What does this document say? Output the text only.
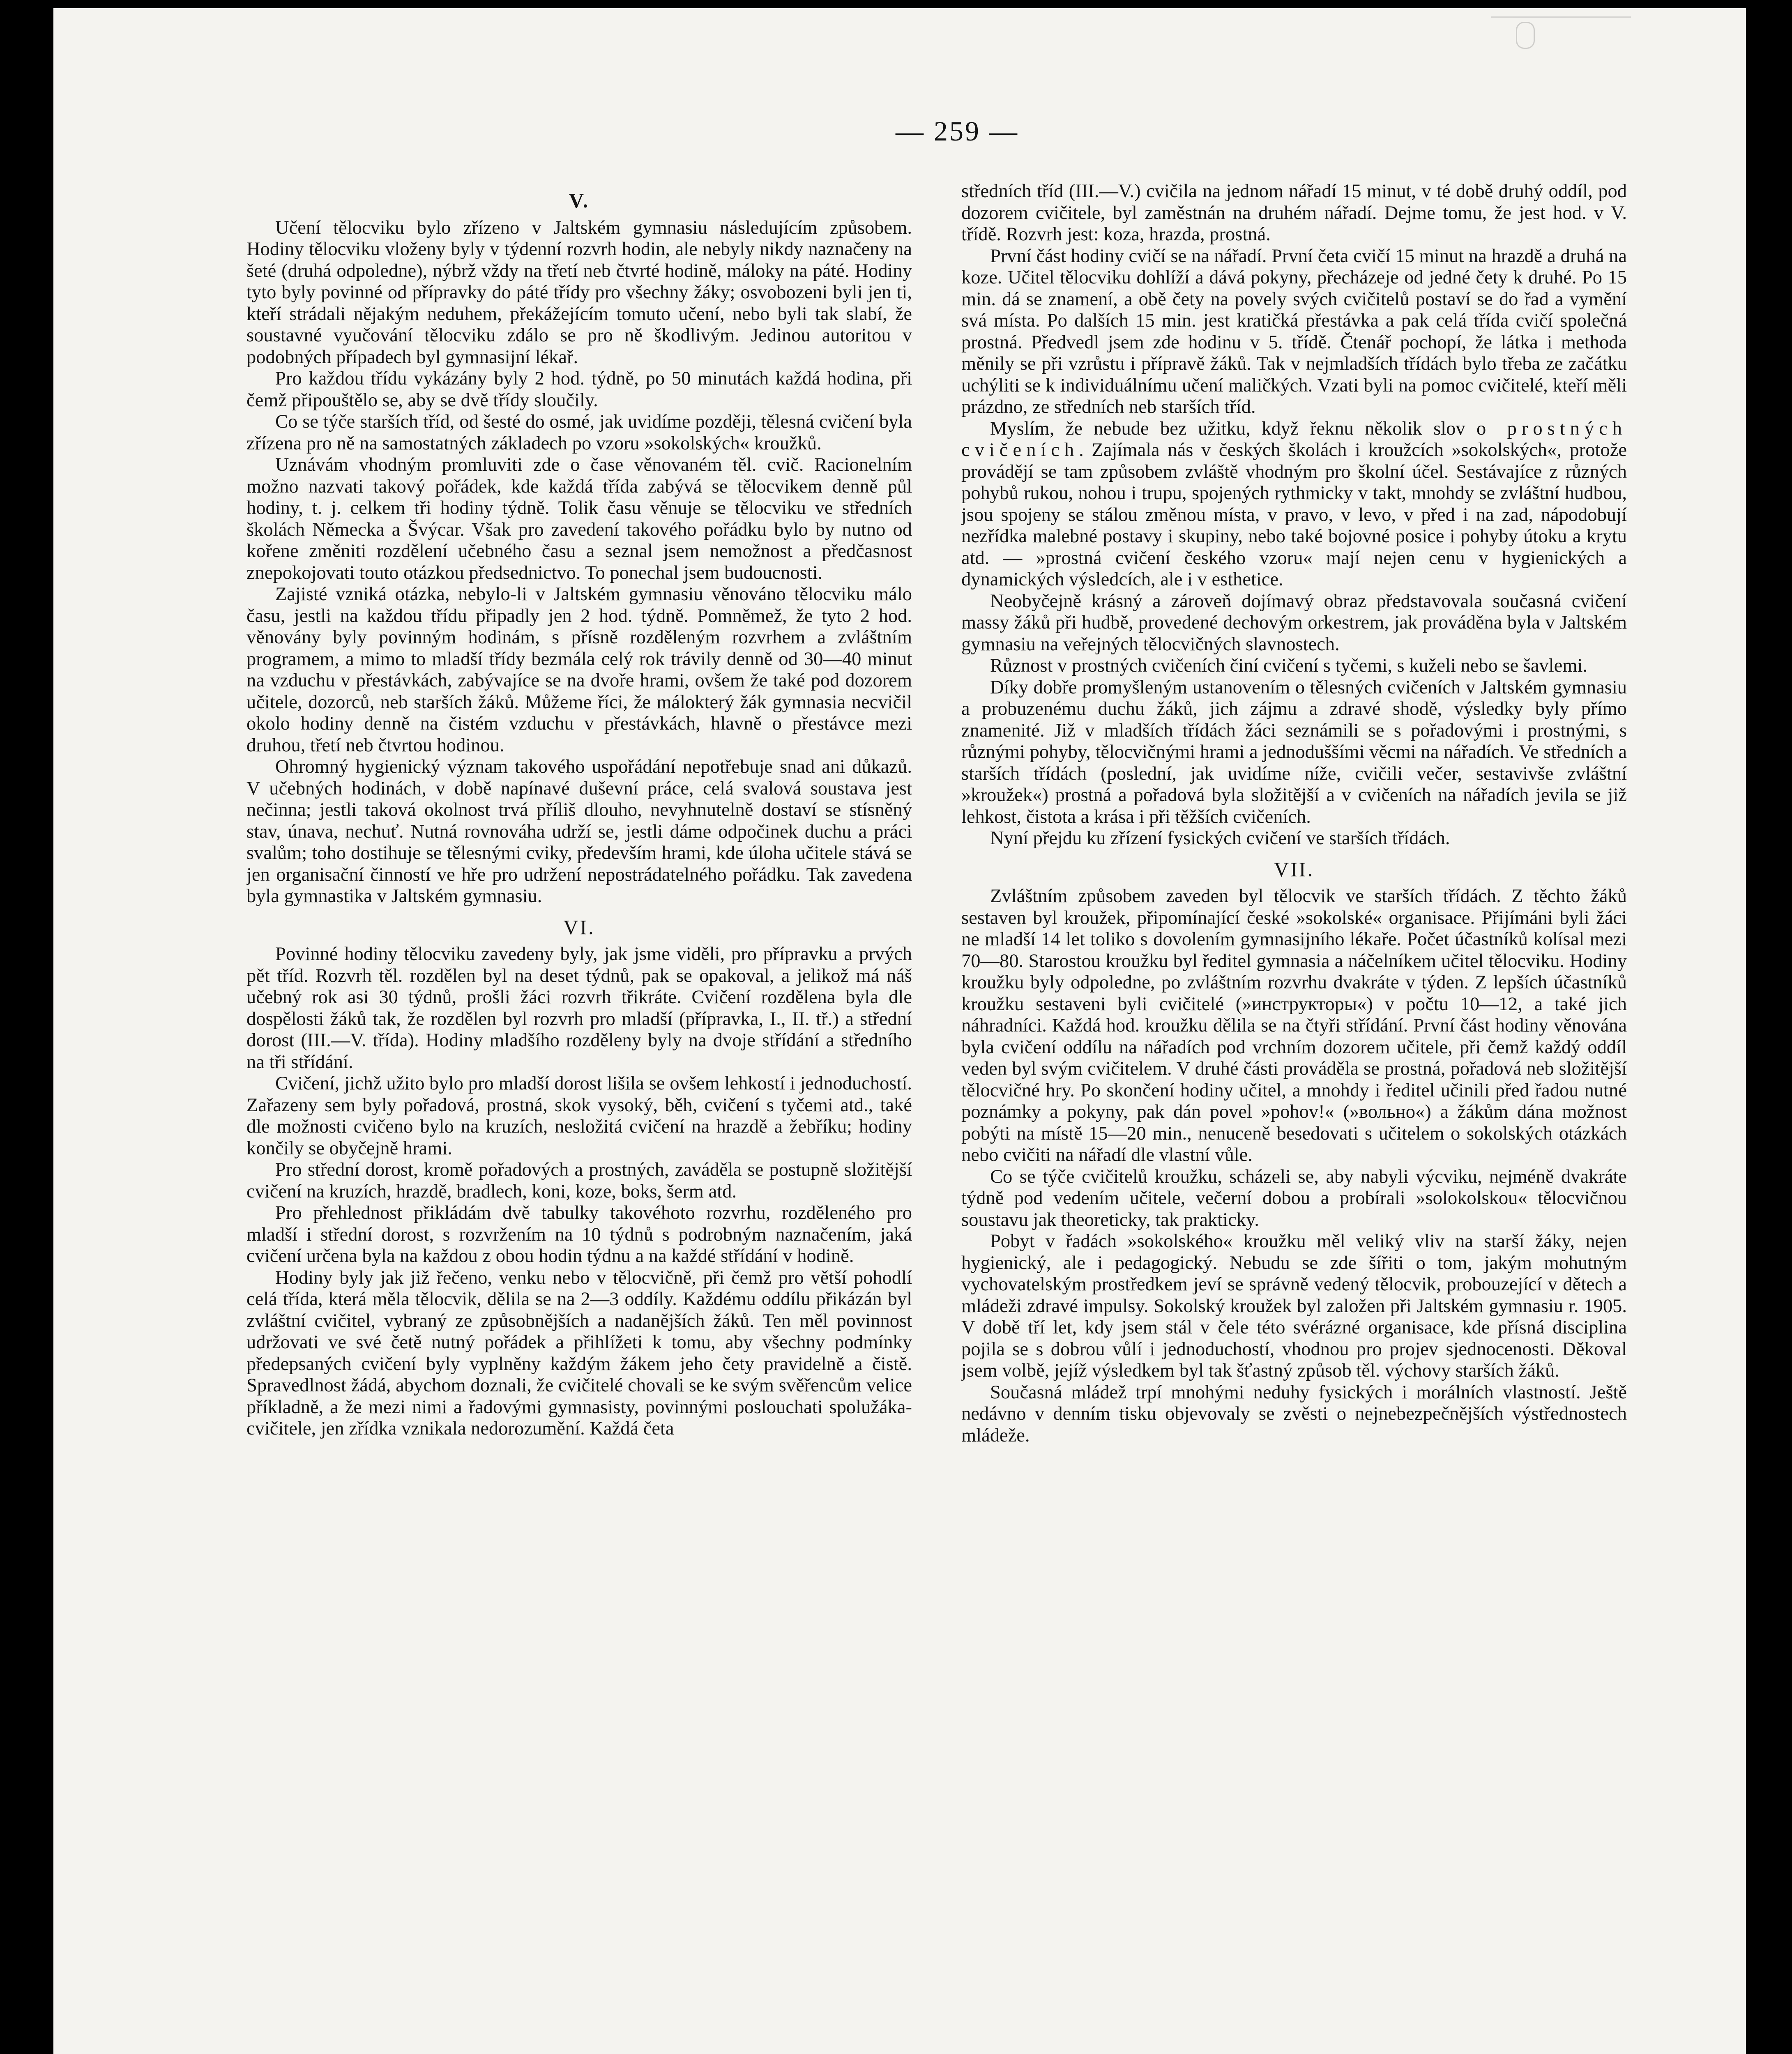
— 259 —
V.

Učení tělocviku bylo zřízeno v Jaltském gymnasiu následujícím způsobem. Hodiny tělocviku vloženy byly v týdenní rozvrh hodin, ale nebyly nikdy naznačeny na šeté (druhá odpoledne), nýbrž vždy na třetí neb čtvrté hodině, máloky na páté. Hodiny tyto byly povinné od přípravky do páté třídy pro všechny žáky; osvobozeni byli jen ti, kteří strádali nějakým neduhem, překážejícím tomuto učení, nebo byli tak slabí, že soustavné vyučování tělocviku zdálo se pro ně škodlivým. Jedinou autoritou v podobných případech byl gymnasijní lékař.

Pro každou třídu vykázány byly 2 hod. týdně, po 50 minutách každá hodina, při čemž připouštělo se, aby se dvě třídy sloučily.

Co se týče starších tříd, od šesté do osmé, jak uvidíme později, tělesná cvičení byla zřízena pro ně na samostatných základech po vzoru »sokolských« kroužků.

Uznávám vhodným promluviti zde o čase věnovaném těl. cvič. Racionelním možno nazvati takový pořádek, kde každá třída zabývá se tělocvikem denně půl hodiny, t. j. celkem tři hodiny týdně. Tolik času věnuje se tělocviku ve středních školách Německa a Švýcar. Však pro zavedení takového pořádku bylo by nutno od kořene změniti rozdělení učebného času a seznal jsem nemožnost a předčasnost znepokojovati touto otázkou předsednictvo. To ponechal jsem budoucnosti.

Zajisté vzniká otázka, nebylo-li v Jaltském gymnasiu věnováno tělocviku málo času, jestli na každou třídu připadly jen 2 hod. týdně. Pomněmež, že tyto 2 hod. věnovány byly povinným hodinám, s přísně rozděleným rozvrhem a zvláštním programem, a mimo to mladší třídy bezmála celý rok trávily denně od 30—40 minut na vzduchu v přestávkách, zabývajíce se na dvoře hrami, ovšem že také pod dozorem učitele, dozorců, neb starších žáků. Můžeme říci, že málokterý žák gymnasia necvičil okolo hodiny denně na čistém vzduchu v přestávkách, hlavně o přestávce mezi druhou, třetí neb čtvrtou hodinou.

Ohromný hygienický význam takového uspořádání nepotřebuje snad ani důkazů. V učebných hodinách, v době napínavé duševní práce, celá svalová soustava jest nečinna; jestli taková okolnost trvá příliš dlouho, nevyhnutelně dostaví se stísněný stav, únava, nechuť. Nutná rovnováha udrží se, jestli dáme odpočinek duchu a práci svalům; toho dostihuje se tělesnými cviky, především hrami, kde úloha učitele stává se jen organisační činností ve hře pro udržení nepostrádatelného pořádku. Tak zavedena byla gymnastika v Jaltském gymnasiu.

VI.

Povinné hodiny tělocviku zavedeny byly, jak jsme viděli, pro přípravku a prvých pět tříd. Rozvrh těl. rozdělen byl na deset týdnů, pak se opakoval, a jelikož má náš učebný rok asi 30 týdnů, prošli žáci rozvrh třikráte. Cvičení rozdělena byla dle dospělosti žáků tak, že rozdělen byl rozvrh pro mladší (přípravka, I., II. tř.) a střední dorost (III.—V. třída). Hodiny mladšího rozděleny byly na dvoje střídání a středního na tři střídání.

Cvičení, jichž užito bylo pro mladší dorost lišila se ovšem lehkostí i jednoduchostí. Zařazeny sem byly pořadová, prostná, skok vysoký, běh, cvičení s tyčemi atd., také dle možnosti cvičeno bylo na kruzích, nesložitá cvičení na hrazdě a žebříku; hodiny končily se obyčejně hrami.

Pro střední dorost, kromě pořadových a prostných, zaváděla se postupně složitější cvičení na kruzích, hrazdě, bradlech, koni, koze, boks, šerm atd.

Pro přehlednost přikládám dvě tabulky takovéhoto rozvrhu, rozděleného pro mladší i střední dorost, s rozvržením na 10 týdnů s podrobným naznačením, jaká cvičení určena byla na každou z obou hodin týdnu a na každé střídání v hodině.

Hodiny byly jak již řečeno, venku nebo v tělocvičně, při čemž pro větší pohodlí celá třída, která měla tělocvik, dělila se na 2—3 oddíly. Každému oddílu přikázán byl zvláštní cvičitel, vybraný ze způsobnějších a nadanějších žáků. Ten měl povinnost udržovati ve své četě nutný pořádek a přihlížeti k tomu, aby všechny podmínky předepsaných cvičení byly vyplněny každým žákem jeho čety pravidelně a čistě. Spravedlnost žádá, abychom doznali, že cvičitelé chovali se ke svým svěřencům velice příkladně, a že mezi nimi a řadovými gymnasisty, povinnými poslouchati spolužáka-cvičitele, jen zřídka vznikala nedorozumění. Každá četa

středních tříd (III.—V.) cvičila na jednom nářadí 15 minut, v té době druhý oddíl, pod dozorem cvičitele, byl zaměstnán na druhém nářadí. Dejme tomu, že jest hod. v V. třídě. Rozvrh jest: koza, hrazda, prostná.

První část hodiny cvičí se na nářadí. První četa cvičí 15 minut na hrazdě a druhá na koze. Učitel tělocviku dohlíží a dává pokyny, přecházeje od jedné čety k druhé. Po 15 min. dá se znamení, a obě čety na povely svých cvičitelů postaví se do řad a vymění svá místa. Po dalších 15 min. jest kratičká přestávka a pak celá třída cvičí společná prostná. Předvedl jsem zde hodinu v 5. třídě. Čtenář pochopí, že látka i methoda měnily se při vzrůstu i přípravě žáků. Tak v nejmladších třídách bylo třeba ze začátku uchýliti se k individuálnímu učení maličkých. Vzati byli na pomoc cvičitelé, kteří měli prázdno, ze středních neb starších tříd.

Myslím, že nebude bez užitku, když řeknu několik slov o prostných cvičeních. Zajímala nás v českých školách i kroužcích »sokolských«, protože provádějí se tam způsobem zvláště vhodným pro školní účel. Sestávajíce z různých pohybů rukou, nohou i trupu, spojených rythmicky v takt, mnohdy se zvláštní hudbou, jsou spojeny se stálou změnou místa, v pravo, v levo, v před i na zad, nápodobují nezřídka malebné postavy i skupiny, nebo také bojovné posice i pohyby útoku a krytu atd. — »prostná cvičení českého vzoru« mají nejen cenu v hygienických a dynamických výsledcích, ale i v esthetice.

Neobyčejně krásný a zároveň dojímavý obraz představovala současná cvičení massy žáků při hudbě, provedené dechovým orkestrem, jak prováděna byla v Jaltském gymnasiu na veřejných tělocvičných slavnostech.

Různost v prostných cvičeních činí cvičení s tyčemi, s kuželi nebo se šavlemi.

Díky dobře promyšleným ustanovením o tělesných cvičeních v Jaltském gymnasiu a probuzenému duchu žáků, jich zájmu a zdravé shodě, výsledky byly přímo znamenité. Již v mladších třídách žáci seznámili se s pořadovými i prostnými, s různými pohyby, tělocvičnými hrami a jednoduššími věcmi na nářadích. Ve středních a starších třídách (poslední, jak uvidíme níže, cvičili večer, sestavivše zvláštní »kroužek«) prostná a pořadová byla složitější a v cvičeních na nářadích jevila se již lehkost, čistota a krása i při těžších cvičeních.

Nyní přejdu ku zřízení fysických cvičení ve starších třídách.

VII.

Zvláštním způsobem zaveden byl tělocvik ve starších třídách. Z těchto žáků sestaven byl kroužek, připomínající české »sokolské« organisace. Přijímáni byli žáci ne mladší 14 let toliko s dovolením gymnasijního lékaře. Počet účastníků kolísal mezi 70—80. Starostou kroužku byl ředitel gymnasia a náčelníkem učitel tělocviku. Hodiny kroužku byly odpoledne, po zvláštním rozvrhu dvakráte v týden. Z lepších účastníků kroužku sestaveni byli cvičitelé (»инструкторы«) v počtu 10—12, a také jich náhradníci. Každá hod. kroužku dělila se na čtyři střídání. První část hodiny věnována byla cvičení oddílu na nářadích pod vrchním dozorem učitele, při čemž každý oddíl veden byl svým cvičitelem. V druhé části prováděla se prostná, pořadová neb složitější tělocvičné hry. Po skončení hodiny učitel, a mnohdy i ředitel učinili před řadou nutné poznámky a pokyny, pak dán povel »pohov!« (»вольно«) a žákům dána možnost pobýti na místě 15—20 min., nenuceně besedovati s učitelem o sokolských otázkách nebo cvičiti na nářadí dle vlastní vůle.

Co se týče cvičitelů kroužku, scházeli se, aby nabyli výcviku, nejméně dvakráte týdně pod vedením učitele, večerní dobou a probírali »solokolskou« tělocvičnou soustavu jak theoreticky, tak prakticky.

Pobyt v řadách »sokolského« kroužku měl veliký vliv na starší žáky, nejen hygienický, ale i pedagogický. Nebudu se zde šířiti o tom, jakým mohutným vychovatelským prostředkem jeví se správně vedený tělocvik, probouzející v dětech a mládeži zdravé impulsy. Sokolský kroužek byl založen při Jaltském gymnasiu r. 1905. V době tří let, kdy jsem stál v čele této svérázné organisace, kde přísná disciplina pojila se s dobrou vůlí i jednoduchostí, vhodnou pro projev sjednocenosti. Děkoval jsem volbě, jejíž výsledkem byl tak šťastný způsob těl. výchovy starších žáků.

Současná mládež trpí mnohými neduhy fysických i morálních vlastností. Ještě nedávno v denním tisku objevovaly se zvěsti o nejnebezpečnějších výstřednostech mládeže.
